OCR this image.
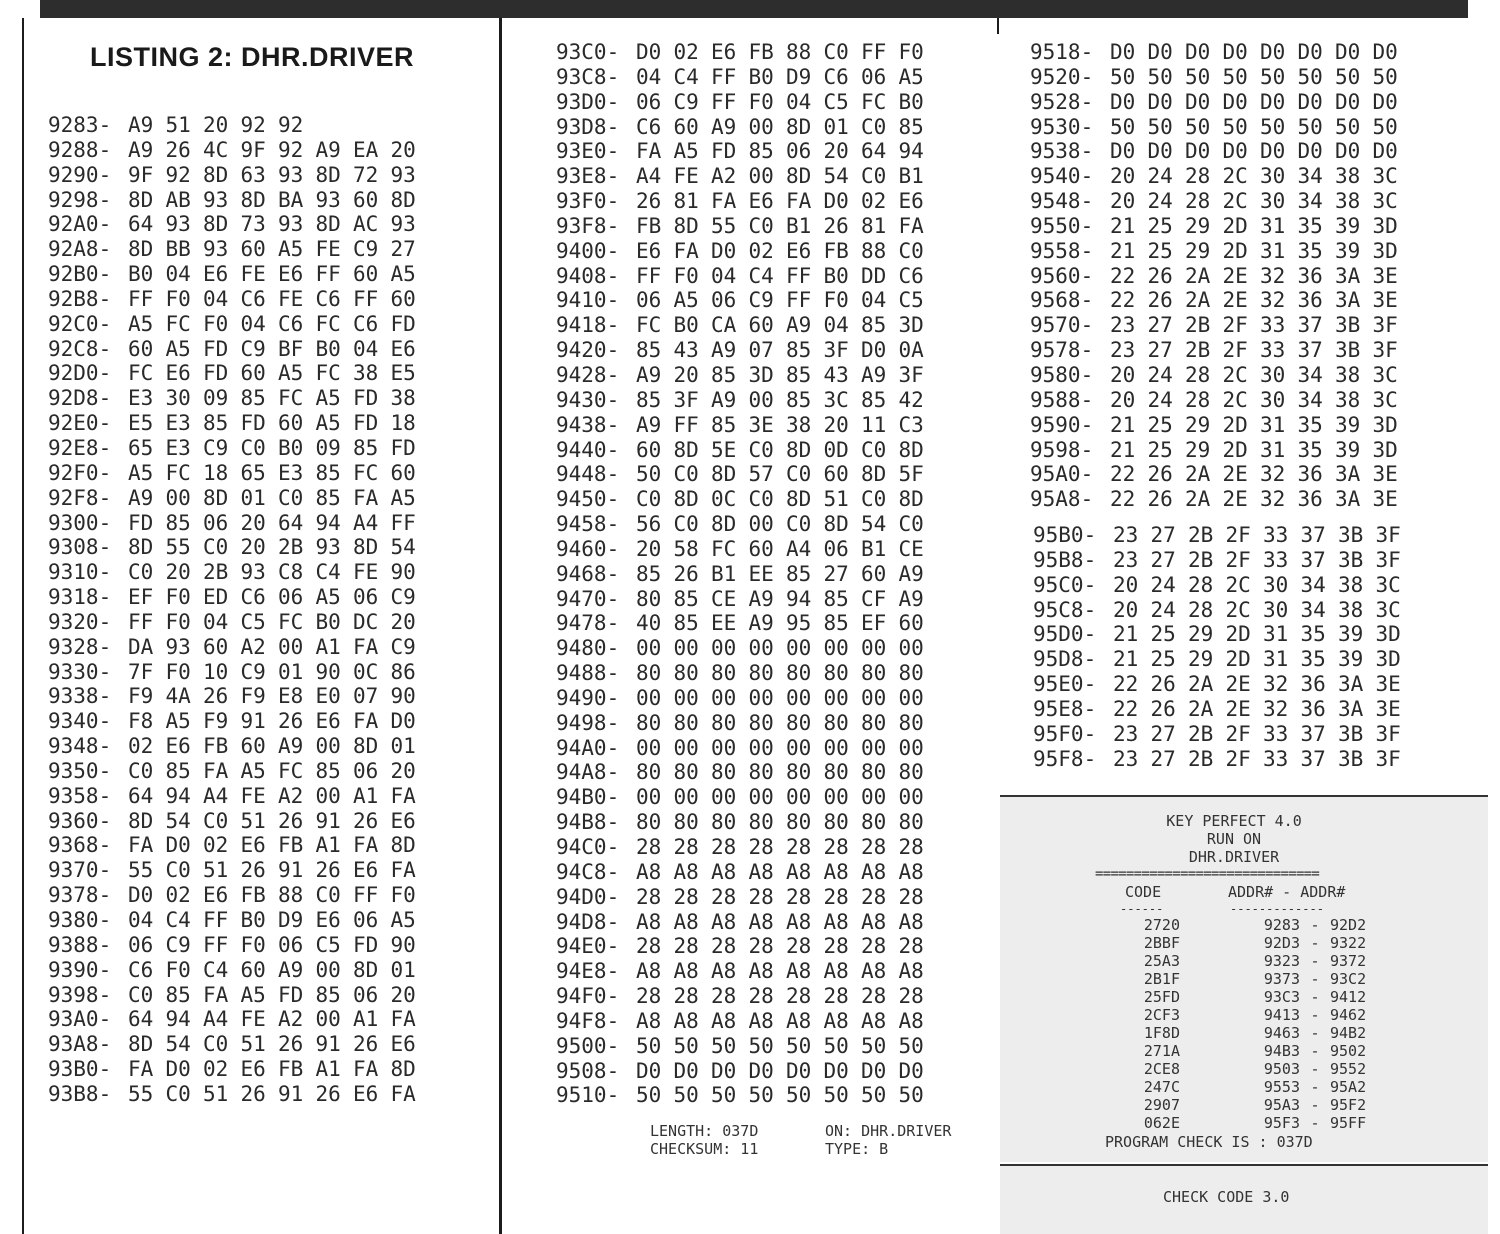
LISTING 2: DHR.DRIVER
9283- A9 51 20 92 92
9288- A9 26 4C 9F 92 A9 EA 20
9290- 9F 92 8D 63 93 8D 72 93
9298- 8D AB 93 8D BA 93 60 8D
92A0- 64 93 8D 73 93 8D AC 93
92A8- 8D BB 93 60 A5 FE C9 27
92B0- B0 04 E6 FE E6 FF 60 A5
92B8- FF F0 04 C6 FE C6 FF 60
92C0- A5 FC F0 04 C6 FC C6 FD
92C8- 60 A5 FD C9 BF B0 04 E6
92D0- FC E6 FD 60 A5 FC 38 E5
92D8- E3 30 09 85 FC A5 FD 38
92E0- E5 E3 85 FD 60 A5 FD 18
92E8- 65 E3 C9 C0 B0 09 85 FD
92F0- A5 FC 18 65 E3 85 FC 60
92F8- A9 00 8D 01 C0 85 FA A5
9300- FD 85 06 20 64 94 A4 FF
9308- 8D 55 C0 20 2B 93 8D 54
9310- C0 20 2B 93 C8 C4 FE 90
9318- EF F0 ED C6 06 A5 06 C9
9320- FF F0 04 C5 FC B0 DC 20
9328- DA 93 60 A2 00 A1 FA C9
9330- 7F F0 10 C9 01 90 0C 86
9338- F9 4A 26 F9 E8 E0 07 90
9340- F8 A5 F9 91 26 E6 FA D0
9348- 02 E6 FB 60 A9 00 8D 01
9350- C0 85 FA A5 FC 85 06 20
9358- 64 94 A4 FE A2 00 A1 FA
9360- 8D 54 C0 51 26 91 26 E6
9368- FA D0 02 E6 FB A1 FA 8D
9370- 55 C0 51 26 91 26 E6 FA
9378- D0 02 E6 FB 88 C0 FF F0
9380- 04 C4 FF B0 D9 E6 06 A5
9388- 06 C9 FF F0 06 C5 FD 90
9390- C6 F0 C4 60 A9 00 8D 01
9398- C0 85 FA A5 FD 85 06 20
93A0- 64 94 A4 FE A2 00 A1 FA
93A8- 8D 54 C0 51 26 91 26 E6
93B0- FA D0 02 E6 FB A1 FA 8D
93B8- 55 C0 51 26 91 26 E6 FA
93C0- D0 02 E6 FB 88 C0 FF F0
93C8- 04 C4 FF B0 D9 C6 06 A5
93D0- 06 C9 FF F0 04 C5 FC B0
93D8- C6 60 A9 00 8D 01 C0 85
93E0- FA A5 FD 85 06 20 64 94
93E8- A4 FE A2 00 8D 54 C0 B1
93F0- 26 81 FA E6 FA D0 02 E6
93F8- FB 8D 55 C0 B1 26 81 FA
9400- E6 FA D0 02 E6 FB 88 C0
9408- FF F0 04 C4 FF B0 DD C6
9410- 06 A5 06 C9 FF F0 04 C5
9418- FC B0 CA 60 A9 04 85 3D
9420- 85 43 A9 07 85 3F D0 0A
9428- A9 20 85 3D 85 43 A9 3F
9430- 85 3F A9 00 85 3C 85 42
9438- A9 FF 85 3E 38 20 11 C3
9440- 60 8D 5E C0 8D 0D C0 8D
9448- 50 C0 8D 57 C0 60 8D 5F
9450- C0 8D 0C C0 8D 51 C0 8D
9458- 56 C0 8D 00 C0 8D 54 C0
9460- 20 58 FC 60 A4 06 B1 CE
9468- 85 26 B1 EE 85 27 60 A9
9470- 80 85 CE A9 94 85 CF A9
9478- 40 85 EE A9 95 85 EF 60
9480- 00 00 00 00 00 00 00 00
9488- 80 80 80 80 80 80 80 80
9490- 00 00 00 00 00 00 00 00
9498- 80 80 80 80 80 80 80 80
94A0- 00 00 00 00 00 00 00 00
94A8- 80 80 80 80 80 80 80 80
94B0- 00 00 00 00 00 00 00 00
94B8- 80 80 80 80 80 80 80 80
94C0- 28 28 28 28 28 28 28 28
94C8- A8 A8 A8 A8 A8 A8 A8 A8
94D0- 28 28 28 28 28 28 28 28
94D8- A8 A8 A8 A8 A8 A8 A8 A8
94E0- 28 28 28 28 28 28 28 28
94E8- A8 A8 A8 A8 A8 A8 A8 A8
94F0- 28 28 28 28 28 28 28 28
94F8- A8 A8 A8 A8 A8 A8 A8 A8
9500- 50 50 50 50 50 50 50 50
9508- D0 D0 D0 D0 D0 D0 D0 D0
9510- 50 50 50 50 50 50 50 50
9518- D0 D0 D0 D0 D0 D0 D0 D0
9520- 50 50 50 50 50 50 50 50
9528- D0 D0 D0 D0 D0 D0 D0 D0
9530- 50 50 50 50 50 50 50 50
9538- D0 D0 D0 D0 D0 D0 D0 D0
9540- 20 24 28 2C 30 34 38 3C
9548- 20 24 28 2C 30 34 38 3C
9550- 21 25 29 2D 31 35 39 3D
9558- 21 25 29 2D 31 35 39 3D
9560- 22 26 2A 2E 32 36 3A 3E
9568- 22 26 2A 2E 32 36 3A 3E
9570- 23 27 2B 2F 33 37 3B 3F
9578- 23 27 2B 2F 33 37 3B 3F
9580- 20 24 28 2C 30 34 38 3C
9588- 20 24 28 2C 30 34 38 3C
9590- 21 25 29 2D 31 35 39 3D
9598- 21 25 29 2D 31 35 39 3D
95A0- 22 26 2A 2E 32 36 3A 3E
95A8- 22 26 2A 2E 32 36 3A 3E
95B0- 23 27 2B 2F 33 37 3B 3F
95B8- 23 27 2B 2F 33 37 3B 3F
95C0- 20 24 28 2C 30 34 38 3C
95C8- 20 24 28 2C 30 34 38 3C
95D0- 21 25 29 2D 31 35 39 3D
95D8- 21 25 29 2D 31 35 39 3D
95E0- 22 26 2A 2E 32 36 3A 3E
95E8- 22 26 2A 2E 32 36 3A 3E
95F0- 23 27 2B 2F 33 37 3B 3F
95F8- 23 27 2B 2F 33 37 3B 3F
LENGTH: 037D	ON: DHR.DRIVER
CHECKSUM: 11	TYPE: B
KEY PERFECT 4.0
RUN ON
DHR.DRIVER
=============================
CODE	ADDR# - ADDR#
------	-------------
2720	9283 - 92D2
2BBF	92D3 - 9322
25A3	9323 - 9372
2B1F	9373 - 93C2
25FD	93C3 - 9412
2CF3	9413 - 9462
1F8D	9463 - 94B2
271A	94B3 - 9502
2CE8	9503 - 9552
247C	9553 - 95A2
2907	95A3 - 95F2
062E	95F3 - 95FF
PROGRAM CHECK IS : 037D
CHECK CODE 3.0
